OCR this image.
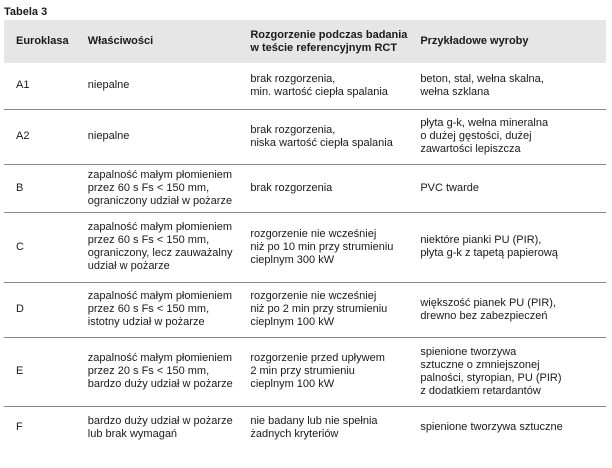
Tabela 3
Euroklasa	Właściwości	Rozgorzenie podczas badania
w teście referencyjnym RCT	Przykładowe wyroby

A1	niepalne	brak rozgorzenia,
min. wartość ciepła spalania	beton, stal, wełna skalna,
wełna szklana

A2	niepalne	brak rozgorzenia,
niska wartość ciepła spalania	płyta g-k, wełna mineralna
o dużej gęstości, dużej
zawartości lepiszcza

B	zapalność małym płomieniem
przez 60 s Fs < 150 mm,
ograniczony udział w pożarze	brak rozgorzenia	PVC twarde

C	zapalność małym płomieniem
przez 60 s Fs < 150 mm,
ograniczony, lecz zauważalny
udział w pożarze	rozgorzenie nie wcześniej
niż po 10 min przy strumieniu
cieplnym 300 kW	niektóre pianki PU (PIR),
płyta g-k z tapetą papierową

D	zapalność małym płomieniem
przez 60 s Fs < 150 mm,
istotny udział w pożarze	rozgorzenie nie wcześniej
niż po 2 min przy strumieniu
cieplnym 100 kW	większość pianek PU (PIR),
drewno bez zabezpieczeń

E	zapalność małym płomieniem
przez 20 s Fs < 150 mm,
bardzo duży udział w pożarze	rozgorzenie przed upływem
2 min przy strumieniu
cieplnym 100 kW	spienione tworzywa
sztuczne o zmniejszonej
palności, styropian, PU (PIR)
z dodatkiem retardantów

F	bardzo duży udział w pożarze
lub brak wymagań	nie badany lub nie spełnia
żadnych kryteriów	spienione tworzywa sztuczne
